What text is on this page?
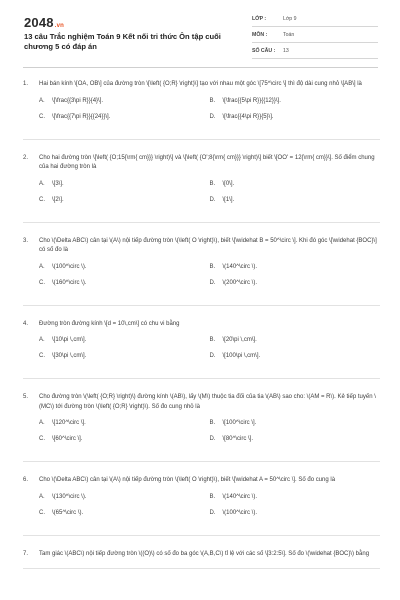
2048.vn
13 câu Trắc nghiệm Toán 9 Kết nối tri thức Ôn tập cuối chương 5 có đáp án
LỚP :	Lớp 9
MÔN :	Toán
SỐ CÂU : 13
1. Hai bán kính \[OA, OB\] của đường tròn \[\left( {O;R} \right)\] tạo với nhau một góc \[75^\circ \] thì độ dài cung nhỏ \[AB\] là
A.	\[\frac{{3\pi R}}{4}\].	B.	\[\frac{{5\pi R}}{{12}}\].
C.	\[\frac{{7\pi R}}{{24}}\].	D.	\[\frac{{4\pi R}}{5}\].
2. Cho hai đường tròn \[\left( {O;15{\rm{ cm}}} \right)\] và \[\left( {O';8{\rm{ cm}}} \right)\] biết \[OO' = 12{\rm{ cm}}\]. Số điểm chung của hai đường tròn là
A.	\[3\].	B.	\[0\].
C.	\[2\].	D.	\[1\].
3. Cho \(\Delta ABC\) cân tại \(A\) nội tiếp đường tròn \(\left( O \right)\), biết \[\widehat B = 50^\circ \]. Khi đó góc \[\widehat {BOC}\] có số đo là
A.	\(100^\circ \).	B.	\(140^\circ \).
C.	\(160^\circ \).	D.	\(200^\circ \).
4. Đường tròn đường kính \[d = 10\,cm\] có chu vi bằng
A.	\[10\pi \,cm\].	B.	\[20\pi \,cm\].
C.	\[30\pi \,cm\].	D.	\[100\pi \,cm\].
5. Cho đường tròn \(\left( {O;R} \right)\) đường kính \(AB\), lấy \(M\) thuộc tia đối của tia \(AB\) sao cho: \(AM = R\). Kẻ tiếp tuyến \(MC\) tới đường tròn \(\left( {O;R} \right)\). Số đo cung nhỏ là
A.	\[120^\circ \].	B.	\[100^\circ \].
C.	\[60^\circ \].	D.	\[80^\circ \].
6. Cho \(\Delta ABC\) cân tại \(A\) nội tiếp đường tròn \(\left( O \right)\), biết \[\widehat A = 50^\circ \]. Số đo cung là
A.	\(130^\circ \).	B.	\(140^\circ \).
C.	\(65^\circ \).	D.	\(100^\circ \).
7. Tam giác \(ABC\) nội tiếp đường tròn \((O)\) có số đo ba góc \(A,B,C\) tỉ lệ với các số \[3:2:5\]. Số đo \(\widehat {BOC}\) bằng
